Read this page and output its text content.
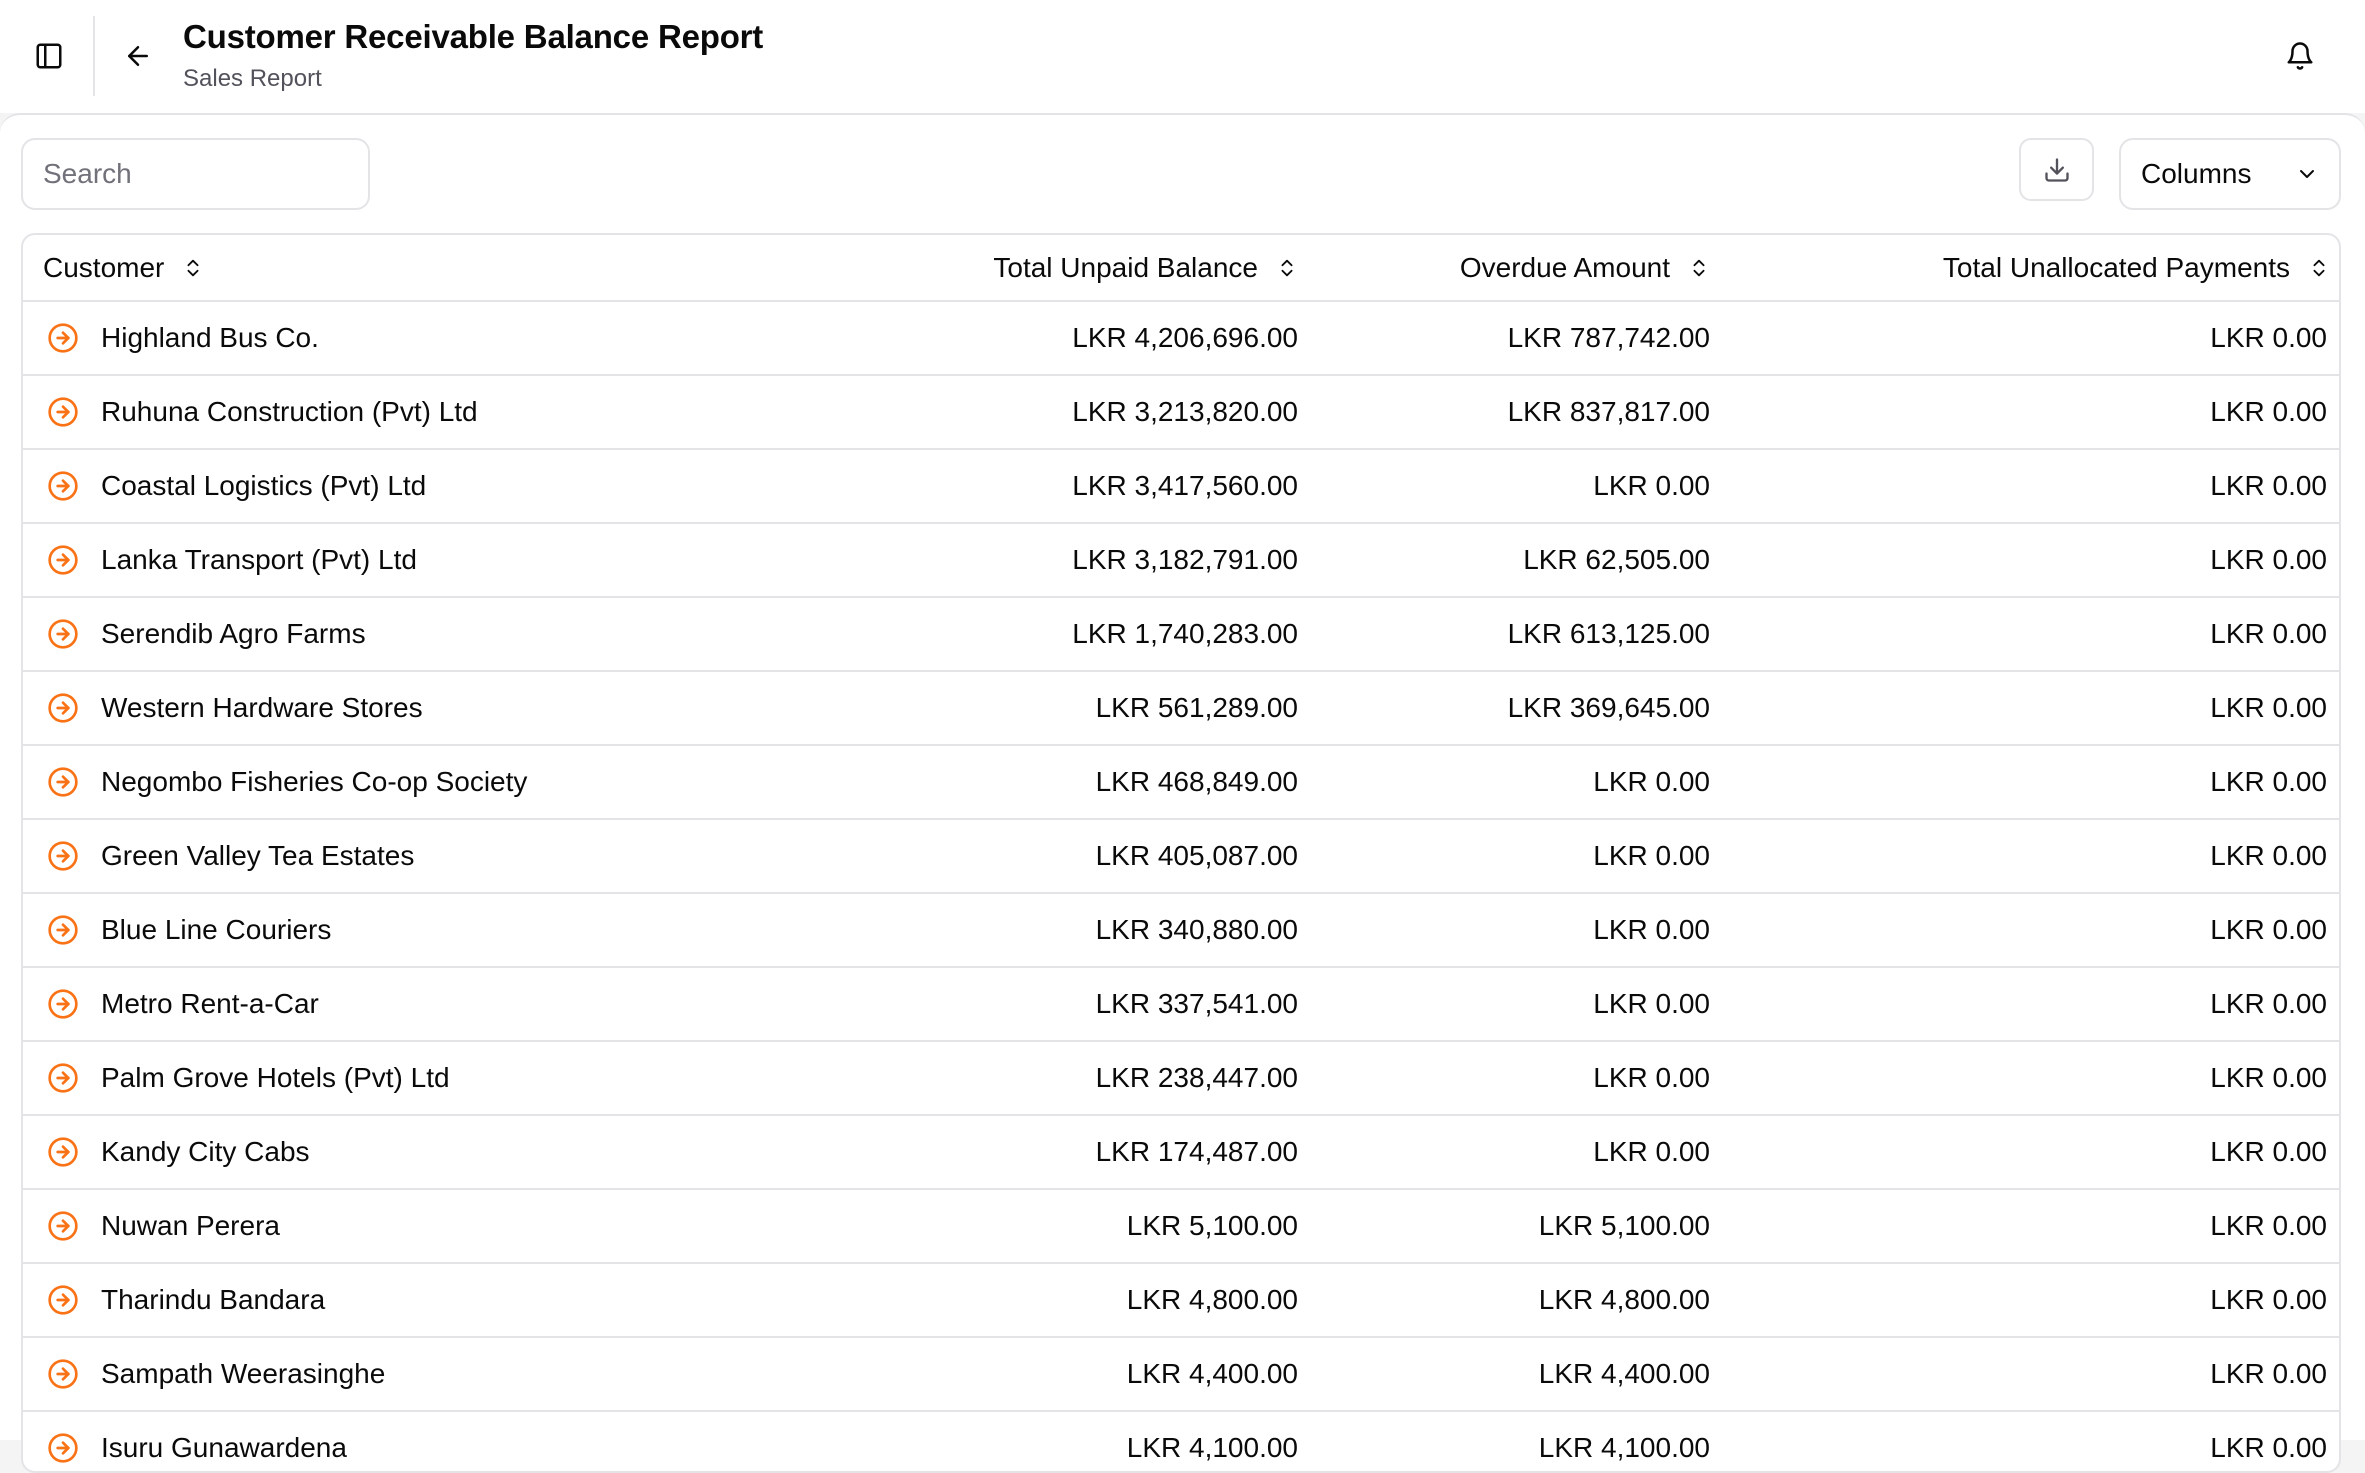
Customer Receivable Balance Report
Sales Report
Search
Columns
Customer	Total Unpaid Balance	Overdue Amount	Total Unallocated Payments

Highland Bus Co.	LKR 4,206,696.00	LKR 787,742.00	LKR 0.00

Ruhuna Construction (Pvt) Ltd	LKR 3,213,820.00	LKR 837,817.00	LKR 0.00

Coastal Logistics (Pvt) Ltd	LKR 3,417,560.00	LKR 0.00	LKR 0.00

Lanka Transport (Pvt) Ltd	LKR 3,182,791.00	LKR 62,505.00	LKR 0.00

Serendib Agro Farms	LKR 1,740,283.00	LKR 613,125.00	LKR 0.00

Western Hardware Stores	LKR 561,289.00	LKR 369,645.00	LKR 0.00

Negombo Fisheries Co-op Society	LKR 468,849.00	LKR 0.00	LKR 0.00

Green Valley Tea Estates	LKR 405,087.00	LKR 0.00	LKR 0.00

Blue Line Couriers	LKR 340,880.00	LKR 0.00	LKR 0.00

Metro Rent-a-Car	LKR 337,541.00	LKR 0.00	LKR 0.00

Palm Grove Hotels (Pvt) Ltd	LKR 238,447.00	LKR 0.00	LKR 0.00

Kandy City Cabs	LKR 174,487.00	LKR 0.00	LKR 0.00

Nuwan Perera	LKR 5,100.00	LKR 5,100.00	LKR 0.00

Tharindu Bandara	LKR 4,800.00	LKR 4,800.00	LKR 0.00

Sampath Weerasinghe	LKR 4,400.00	LKR 4,400.00	LKR 0.00

Isuru Gunawardena	LKR 4,100.00	LKR 4,100.00	LKR 0.00
